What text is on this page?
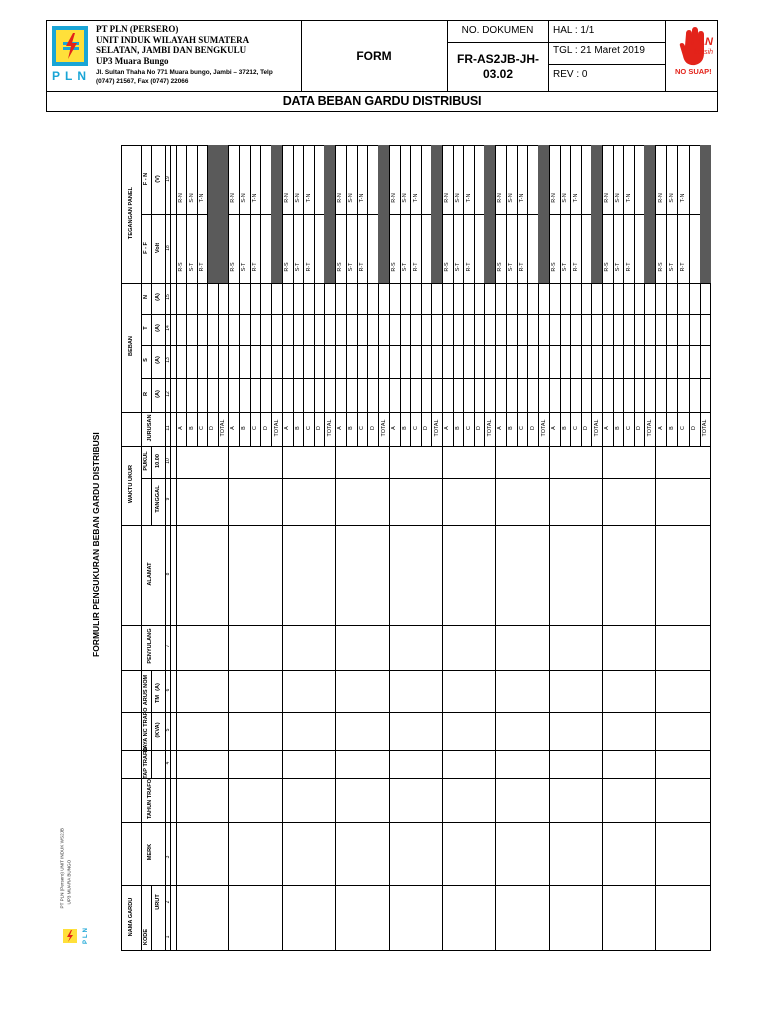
PLN
PT PLN (PERSERO)
UNIT INDUK WILAYAH SUMATERA
SELATAN, JAMBI DAN BENGKULU
UP3 Muara Bungo
Jl. Sultan Thaha No 771 Muara bungo, Jambi – 37212, Telp
(0747) 21567, Fax (0747) 22066
FORM
NO. DOKUMEN
FR-AS2JB-JH-03.02
HAL : 1/1
TGL : 21 Maret 2019
REV : 0
PLN
bersih
NO SUAP!
DATA BEBAN GARDU DISTRIBUSI
FORMULIR PENGUKURAN BEBAN GARDU DISTRIBUSI
PT PLN (Persero) UNIT INDUK WS2JB UP3 MUARA BUNGO
PLN
A B C D TOTAL
R-S S-T R-T
R-N S-N T-N
A B C D TOTAL
R-S S-T R-T
R-N S-N T-N
A B C D TOTAL
R-S S-T R-T
R-N S-N T-N
A B C D TOTAL
R-S S-T R-T
R-N S-N T-N
A B C D TOTAL
R-S S-T R-T
R-N S-N T-N
A B C D TOTAL
R-S S-T R-T
R-N S-N T-N
A B C D TOTAL
R-S S-T R-T
R-N S-N T-N
A B C D TOTAL
R-S S-T R-T
R-N S-N T-N
A B C D TOTAL
R-S S-T R-T
R-N S-N T-N
A B C D TOTAL
R-S S-T R-T
R-N S-N T-N
NAMA GARDU
KODE
URUT
MERK
TAHUN TRAFO
TAP TRAFO
DAYA NC TRAFO (KVA)
ARUS NOM TM
(A)
PENYULANG
ALAMAT
WAKTU UKUR	TANGGAL
PUKUL 10.00
JURUSAN
BEBAN
R
S
T
N
(A)
(A)
(A)
(A)
TEGANGAN PANEL
F - F Volt
F - N (V)
1
2
3
4
5
6
7
8
9
10
11
12
13
14
15
18
19
